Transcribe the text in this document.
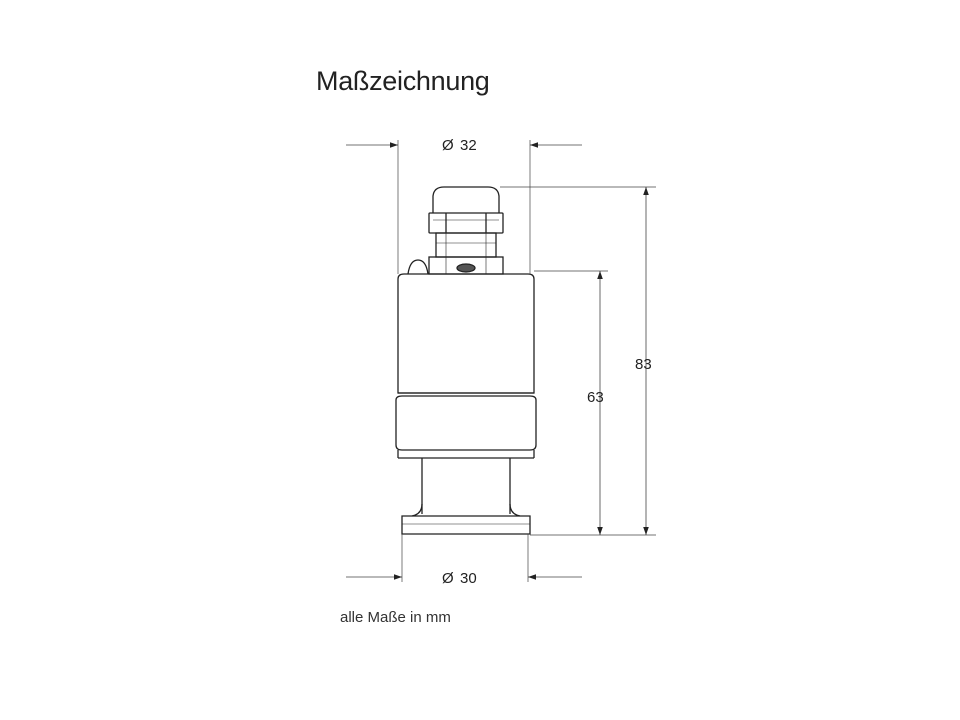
Maßzeichnung
Ø 32
Ø 30
63
83
alle Maße in mm
